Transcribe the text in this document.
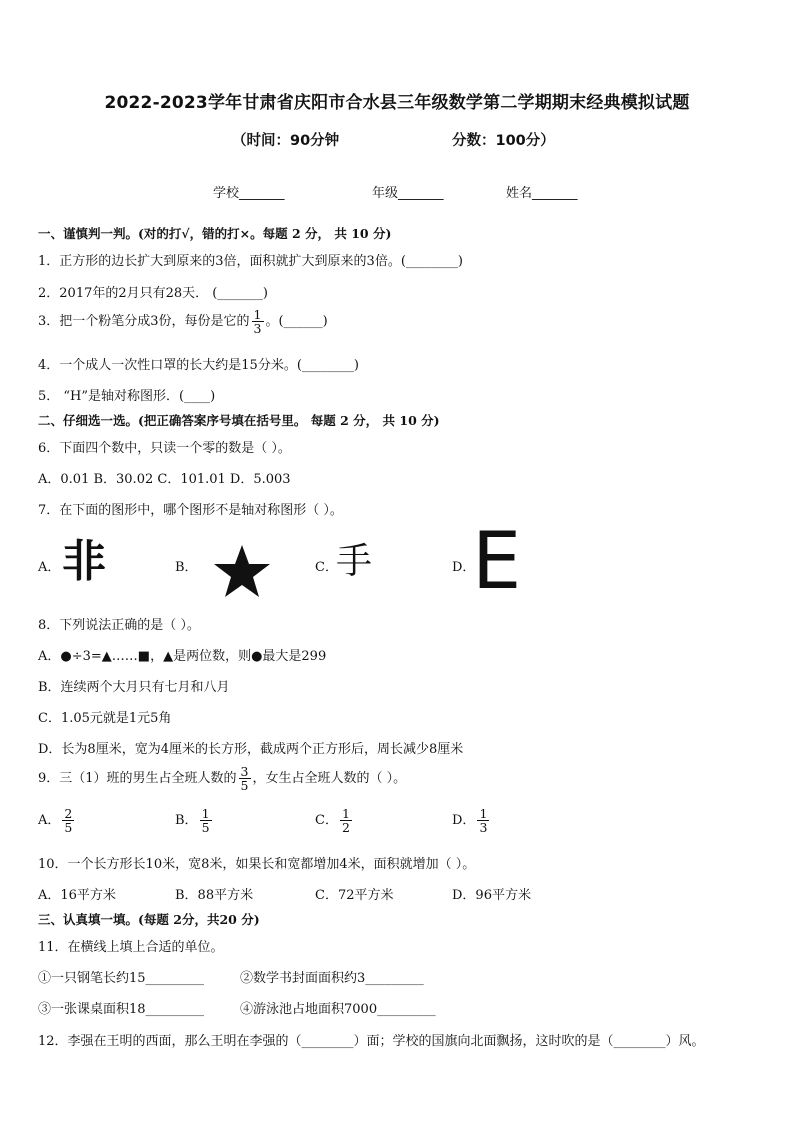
2022-2023学年甘肃省庆阳市合水县三年级数学第二学期期末经典模拟试题
（时间：90分钟	分数：100分）
学校_______	年级_______	姓名_______
一、谨慎判一判。(对的打√，错的打×。每题 2 分， 共 10 分)
1．正方形的边长扩大到原来的3倍，面积就扩大到原来的3倍。(________)
2．2017年的2月只有28天． (_______)
3．把一个粉笔分成3份，每份是它的 $\frac{1}{3}$ 。(______)
4．一个成人一次性口罩的长大约是15分米。(________)
5． “H”是轴对称图形．(____)
二、仔细选一选。(把正确答案序号填在括号里。 每题 2 分， 共 10 分)
6．下面四个数中，只读一个零的数是（ ）。
A．0.01 B．30.02 C．101.01 D．5.003
7．在下面的图形中，哪个图形不是轴对称图形（ ）。
A． 非	B．	C．
手	D．
E
8．下列说法正确的是（ ）。
A．●÷3=▲……■，▲是两位数，则●最大是299
B．连续两个大月只有七月和八月
C．1.05元就是1元5角
D．长为8厘米，宽为4厘米的长方形，截成两个正方形后，周长减少8厘米
9．三（1）班的男生占全班人数的 $\frac{3}{5}$ ，女生占全班人数的（ ）。
A． $\frac{2}{5}$	B． $\frac{1}{5}$	C． $\frac{1}{2}$	D． $\frac{1}{3}$
10．一个长方形长10米，宽8米，如果长和宽都增加4米，面积就增加（ ）。
A．16平方米	B．88平方米	C．72平方米	D．96平方米
三、认真填一填。(每题 2分，共20 分)
11．在横线上填上合适的单位。
①一只钢笔长约15_________	②数学书封面面积约3_________
③一张课桌面积18_________	④游泳池占地面积7000_________
12．李强在王明的西面，那么王明在李强的（________）面；学校的国旗向北面飘扬，这时吹的是（________）风。
